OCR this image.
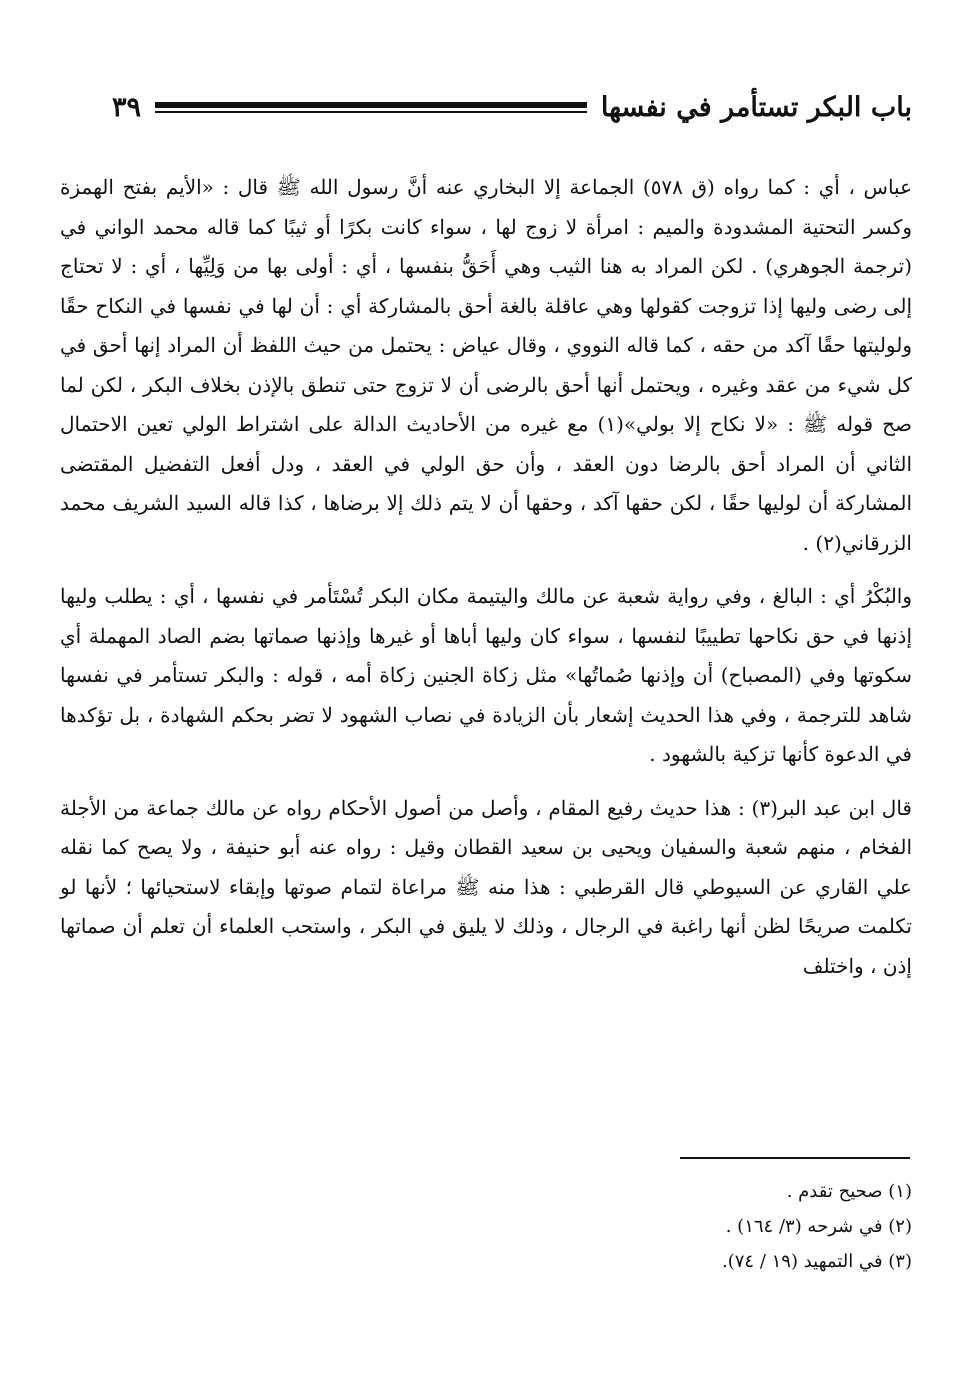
باب البكر تستأمر في نفسها
٣٩

عباس ، أي : كما رواه (ق ٥٧٨) الجماعة إلا البخاري عنه أنَّ رسول الله ﷺ قال : «الأيم بفتح الهمزة وكسر التحتية المشدودة والميم : امرأة لا زوج لها ، سواء كانت بكرًا أو ثيبًا كما قاله محمد الواني في (ترجمة الجوهري) . لكن المراد به هنا الثيب وهي أَحَقُّ بنفسها ، أي : أولى بها من وَلِيِّها ، أي : لا تحتاج إلى رضى وليها إذا تزوجت كقولها وهي عاقلة بالغة أحق بالمشاركة أي : أن لها في نفسها في النكاح حقًا ولوليتها حقًا آكد من حقه ، كما قاله النووي ، وقال عياض : يحتمل من حيث اللفظ أن المراد إنها أحق في كل شيء من عقد وغيره ، ويحتمل أنها أحق بالرضى أن لا تزوج حتى تنطق بالإذن بخلاف البكر ، لكن لما صح قوله ﷺ : «لا نكاح إلا بولي»(١) مع غيره من الأحاديث الدالة على اشتراط الولي تعين الاحتمال الثاني أن المراد أحق بالرضا دون العقد ، وأن حق الولي في العقد ، ودل أفعل التفضيل المقتضى المشاركة أن لوليها حقًا ، لكن حقها آكد ، وحقها أن لا يتم ذلك إلا برضاها ، كذا قاله السيد الشريف محمد الزرقاني(٢) .

والبُكْرُ أي : البالغ ، وفي رواية شعبة عن مالك واليتيمة مكان البكر تُسْتَأمر في نفسها ، أي : يطلب وليها إذنها في حق نكاحها تطييبًا لنفسها ، سواء كان وليها أباها أو غيرها وإذنها صماتها بضم الصاد المهملة أي سكوتها وفي (المصباح) أن وإذنها صُماتُها» مثل زكاة الجنين زكاة أمه ، قوله : والبكر تستأمر في نفسها شاهد للترجمة ، وفي هذا الحديث إشعار بأن الزيادة في نصاب الشهود لا تضر بحكم الشهادة ، بل تؤكدها في الدعوة كأنها تزكية بالشهود .

قال ابن عبد البر(٣) : هذا حديث رفيع المقام ، وأصل من أصول الأحكام رواه عن مالك جماعة من الأجلة الفخام ، منهم شعبة والسفيان ويحيى بن سعيد القطان وقيل : رواه عنه أبو حنيفة ، ولا يصح كما نقله علي القاري عن السيوطي قال القرطبي : هذا منه ﷺ مراعاة لتمام صوتها وإبقاء لاستحيائها ؛ لأنها لو تكلمت صريحًا لظن أنها راغبة في الرجال ، وذلك لا يليق في البكر ، واستحب العلماء أن تعلم أن صماتها إذن ، واختلف

(١) صحيح تقدم .
(٢) في شرحه (٣/ ١٦٤) .
(٣) في التمهيد (١٩ / ٧٤).
